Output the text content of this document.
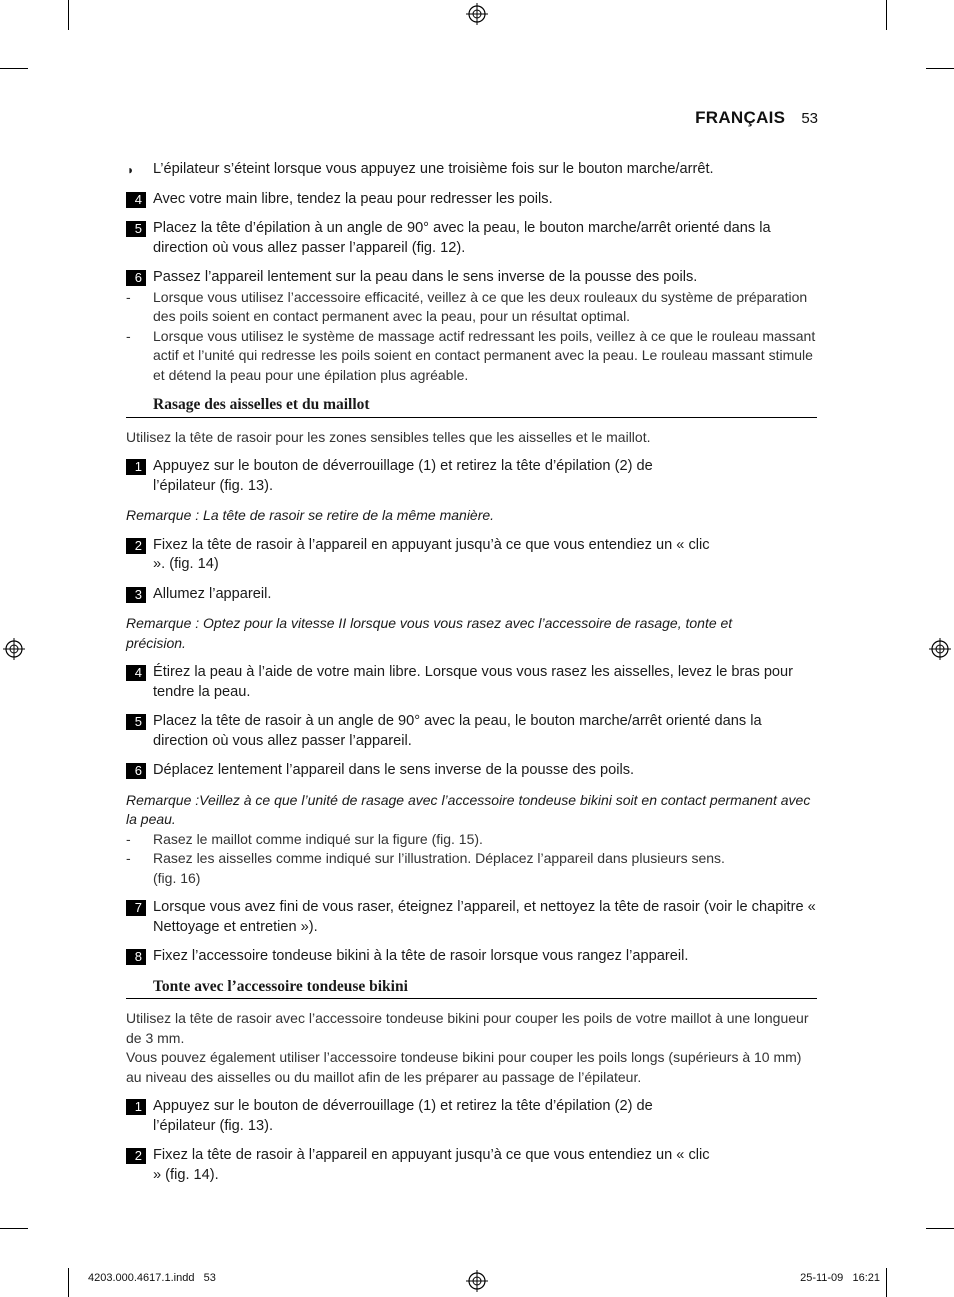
FRANÇAIS 53
◗ L’épilateur s’éteint lorsque vous appuyez une troisième fois sur le bouton marche/arrêt.
4 Avec votre main libre, tendez la peau pour redresser les poils.
5 Placez la tête d’épilation à un angle de 90° avec la peau, le bouton marche/arrêt orienté dans la direction où vous allez passer l’appareil (fig. 12).
6 Passez l’appareil lentement sur la peau dans le sens inverse de la pousse des poils.
- Lorsque vous utilisez l’accessoire efficacité, veillez à ce que les deux rouleaux du système de préparation des poils soient en contact permanent avec la peau, pour un résultat optimal.
- Lorsque vous utilisez le système de massage actif redressant les poils, veillez à ce que le rouleau massant actif et l’unité qui redresse les poils soient en contact permanent avec la peau. Le rouleau massant stimule et détend la peau pour une épilation plus agréable.
Rasage des aisselles et du maillot
Utilisez la tête de rasoir pour les zones sensibles telles que les aisselles et le maillot.
1 Appuyez sur le bouton de déverrouillage (1) et retirez la tête d’épilation (2) de l’épilateur (fig. 13).
Remarque : La tête de rasoir se retire de la même manière.
2 Fixez la tête de rasoir à l’appareil en appuyant jusqu’à ce que vous entendiez un « clic ». (fig. 14)
3 Allumez l’appareil.
Remarque : Optez pour la vitesse II lorsque vous vous rasez avec l’accessoire de rasage, tonte et précision.
4 Étirez la peau à l’aide de votre main libre. Lorsque vous vous rasez les aisselles, levez le bras pour tendre la peau.
5 Placez la tête de rasoir à un angle de 90° avec la peau, le bouton marche/arrêt orienté dans la direction où vous allez passer l’appareil.
6 Déplacez lentement l’appareil dans le sens inverse de la pousse des poils.
Remarque :Veillez à ce que l’unité de rasage avec l’accessoire tondeuse bikini soit en contact permanent avec la peau.
- Rasez le maillot comme indiqué sur la figure (fig. 15).
- Rasez les aisselles comme indiqué sur l’illustration. Déplacez l’appareil dans plusieurs sens. (fig. 16)
7 Lorsque vous avez fini de vous raser, éteignez l’appareil, et nettoyez la tête de rasoir (voir le chapitre « Nettoyage et entretien »).
8 Fixez l’accessoire tondeuse bikini à la tête de rasoir lorsque vous rangez l’appareil.
Tonte avec l’accessoire tondeuse bikini
Utilisez la tête de rasoir avec l’accessoire tondeuse bikini pour couper les poils de votre maillot à une longueur de 3 mm.
Vous pouvez également utiliser l’accessoire tondeuse bikini pour couper les poils longs (supérieurs à 10 mm) au niveau des aisselles ou du maillot afin de les préparer au passage de l’épilateur.
1 Appuyez sur le bouton de déverrouillage (1) et retirez la tête d’épilation (2) de l’épilateur (fig. 13).
2 Fixez la tête de rasoir à l’appareil en appuyant jusqu’à ce que vous entendiez un « clic » (fig. 14).
4203.000.4617.1.indd   53	25-11-09   16:21
